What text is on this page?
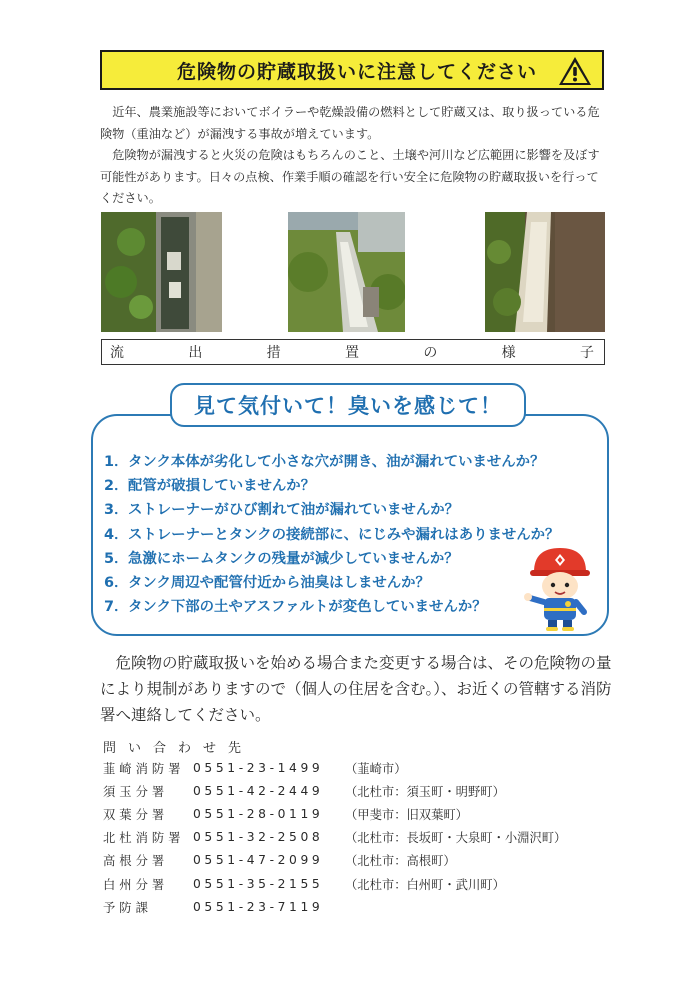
危険物の貯蔵取扱いに注意してください

近年、農業施設等においてボイラーや乾燥設備の燃料として貯蔵又は、取り扱っている危険物（重油など）が漏洩する事故が増えています。

危険物が漏洩すると火災の危険はもちろんのこと、土壌や河川など広範囲に影響を及ぼす可能性があります。日々の点検、作業手順の確認を行い安全に危険物の貯蔵取扱いを行ってください。

流	出	措	置	の	様	子
見て気付いて！臭いを感じて！
1．タンク本体が劣化して小さな穴が開き、油が漏れていませんか？
2．配管が破損していませんか？
3．ストレーナーがひび割れて油が漏れていませんか？
4．ストレーナーとタンクの接続部に、にじみや漏れはありませんか？
5．急激にホームタンクの残量が減少していませんか？
6．タンク周辺や配管付近から油臭はしませんか？
7．タンク下部の土やアスファルトが変色していませんか？

危険物の貯蔵取扱いを始める場合また変更する場合は、その危険物の量により規制がありますので（個人の住居を含む。）、お近くの管轄する消防署へ連絡してください。

問い合わせ先
韮崎消防署	0551-23-1499	（韮崎市）
須玉分署	0551-42-2449	（北杜市：須玉町・明野町）
双葉分署	0551-28-0119	（甲斐市：旧双葉町）
北杜消防署	0551-32-2508	（北杜市：長坂町・大泉町・小淵沢町）
高根分署	0551-47-2099	（北杜市：高根町）
白州分署	0551-35-2155	（北杜市：白州町・武川町）
予防課	0551-23-7119	
